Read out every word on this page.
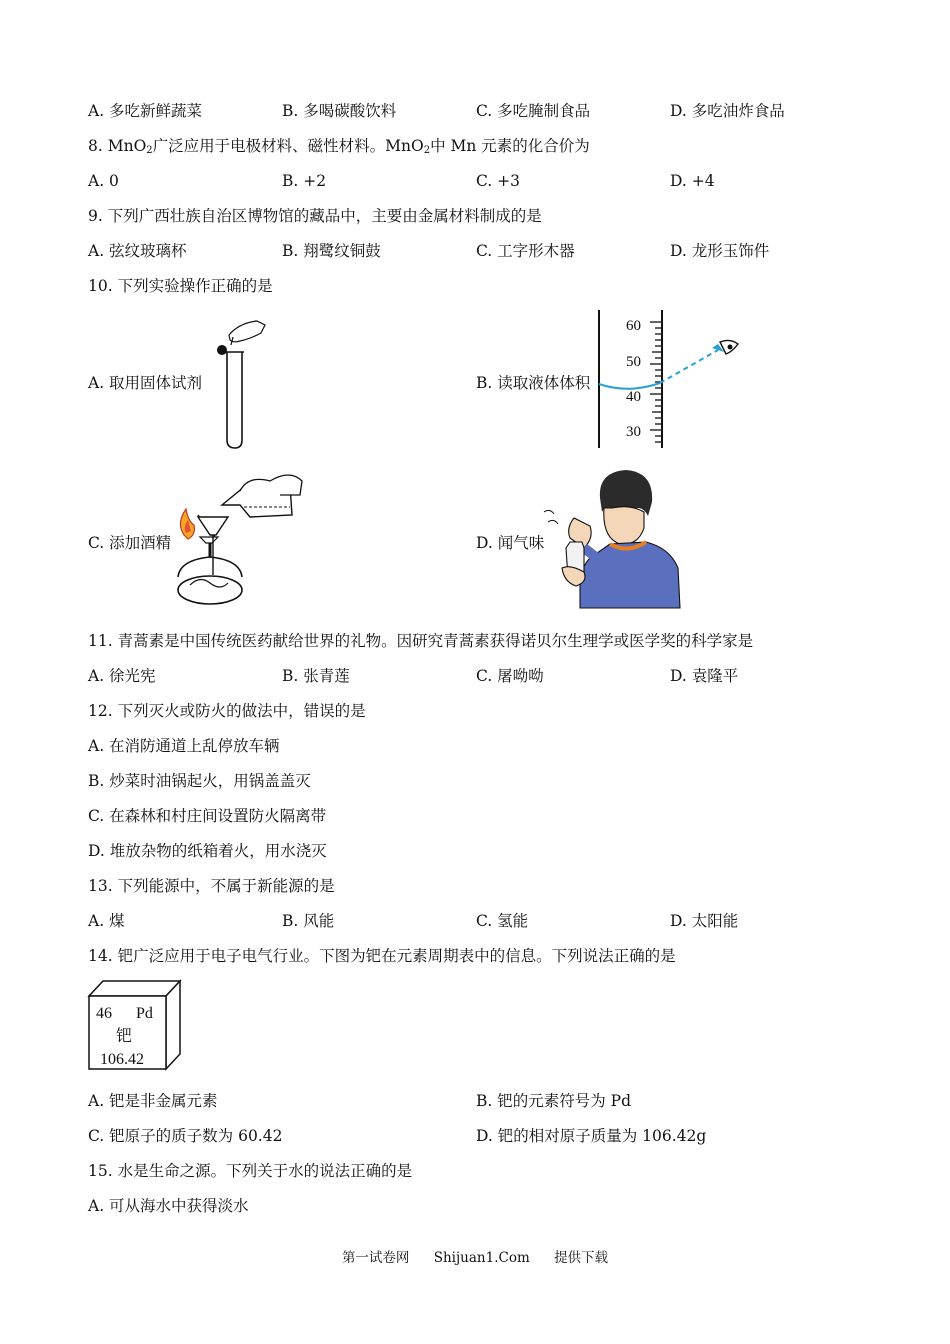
A. 多吃新鲜蔬菜	B. 多喝碳酸饮料	C. 多吃腌制食品	D. 多吃油炸食品
8. MnO$_2$广泛应用于电极材料、磁性材料。MnO$_2$中 Mn 元素的化合价为
A. 0	B. +2	C. +3	D. +4
9. 下列广西壮族自治区博物馆的藏品中，主要由金属材料制成的是
A. 弦纹玻璃杯	B. 翔鹭纹铜鼓	C. 工字形木器	D. 龙形玉饰件
10. 下列实验操作正确的是
A. 取用固体试剂	B. 读取液体体积
60
50
40
30
C. 添加酒精	D. 闻气味
11. 青蒿素是中国传统医药献给世界的礼物。因研究青蒿素获得诺贝尔生理学或医学奖的科学家是
A. 徐光宪	B. 张青莲	C. 屠呦呦	D. 袁隆平
12. 下列灭火或防火的做法中，错误的是
A. 在消防通道上乱停放车辆
B. 炒菜时油锅起火，用锅盖盖灭
C. 在森林和村庄间设置防火隔离带
D. 堆放杂物的纸箱着火，用水浇灭
13. 下列能源中，不属于新能源的是
A. 煤	B. 风能	C. 氢能	D. 太阳能
14. 钯广泛应用于电子电气行业。下图为钯在元素周期表中的信息。下列说法正确的是
46 Pd
钯
106.42
A. 钯是非金属元素	B. 钯的元素符号为 Pd
C. 钯原子的质子数为 60.42	D. 钯的相对原子质量为 106.42g
15. 水是生命之源。下列关于水的说法正确的是
A. 可从海水中获得淡水
第一试卷网 Shijuan1.Com 提供下载
